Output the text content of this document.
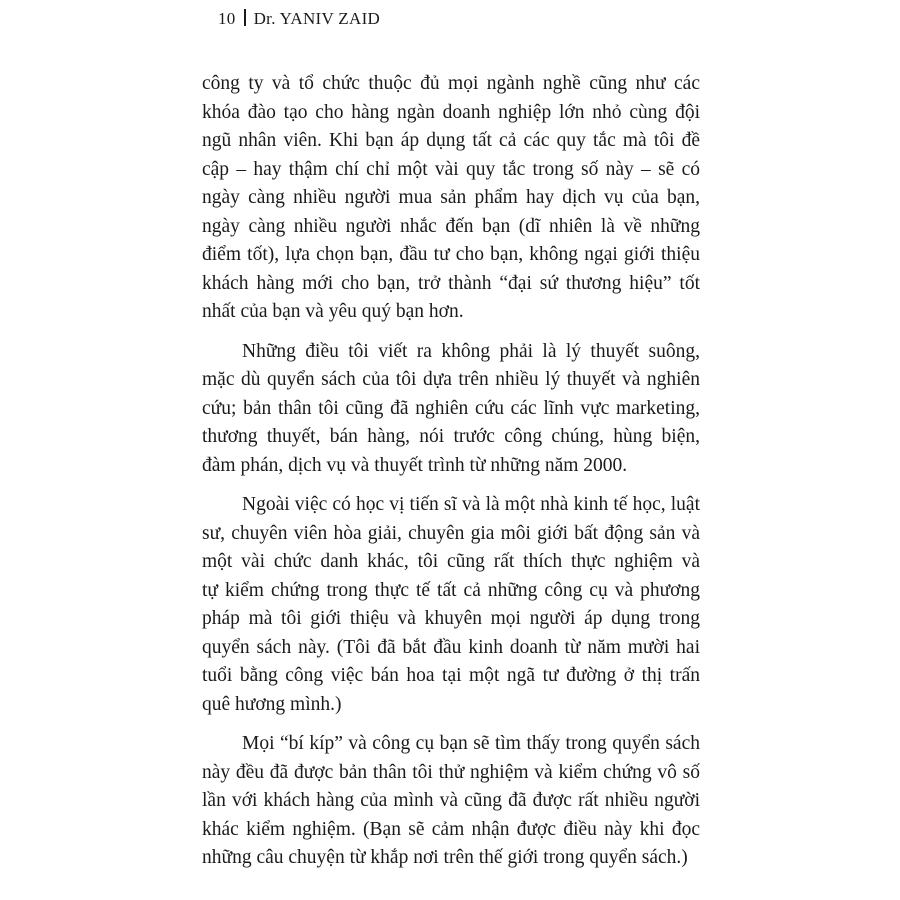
10 Dr. YANIV ZAID
công ty và tổ chức thuộc đủ mọi ngành nghề cũng như các
khóa đào tạo cho hàng ngàn doanh nghiệp lớn nhỏ cùng đội
ngũ nhân viên. Khi bạn áp dụng tất cả các quy tắc mà tôi đề
cập – hay thậm chí chỉ một vài quy tắc trong số này – sẽ có
ngày càng nhiều người mua sản phẩm hay dịch vụ của bạn,
ngày càng nhiều người nhắc đến bạn (dĩ nhiên là về những
điểm tốt), lựa chọn bạn, đầu tư cho bạn, không ngại giới thiệu
khách hàng mới cho bạn, trở thành “đại sứ thương hiệu” tốt
nhất của bạn và yêu quý bạn hơn.
Những điều tôi viết ra không phải là lý thuyết suông,
mặc dù quyển sách của tôi dựa trên nhiều lý thuyết và nghiên
cứu; bản thân tôi cũng đã nghiên cứu các lĩnh vực marketing,
thương thuyết, bán hàng, nói trước công chúng, hùng biện,
đàm phán, dịch vụ và thuyết trình từ những năm 2000.
Ngoài việc có học vị tiến sĩ và là một nhà kinh tế học, luật
sư, chuyên viên hòa giải, chuyên gia môi giới bất động sản và
một vài chức danh khác, tôi cũng rất thích thực nghiệm và
tự kiểm chứng trong thực tế tất cả những công cụ và phương
pháp mà tôi giới thiệu và khuyên mọi người áp dụng trong
quyển sách này. (Tôi đã bắt đầu kinh doanh từ năm mười hai
tuổi bằng công việc bán hoa tại một ngã tư đường ở thị trấn
quê hương mình.)
Mọi “bí kíp” và công cụ bạn sẽ tìm thấy trong quyển sách
này đều đã được bản thân tôi thử nghiệm và kiểm chứng vô số
lần với khách hàng của mình và cũng đã được rất nhiều người
khác kiểm nghiệm. (Bạn sẽ cảm nhận được điều này khi đọc
những câu chuyện từ khắp nơi trên thế giới trong quyển sách.)
